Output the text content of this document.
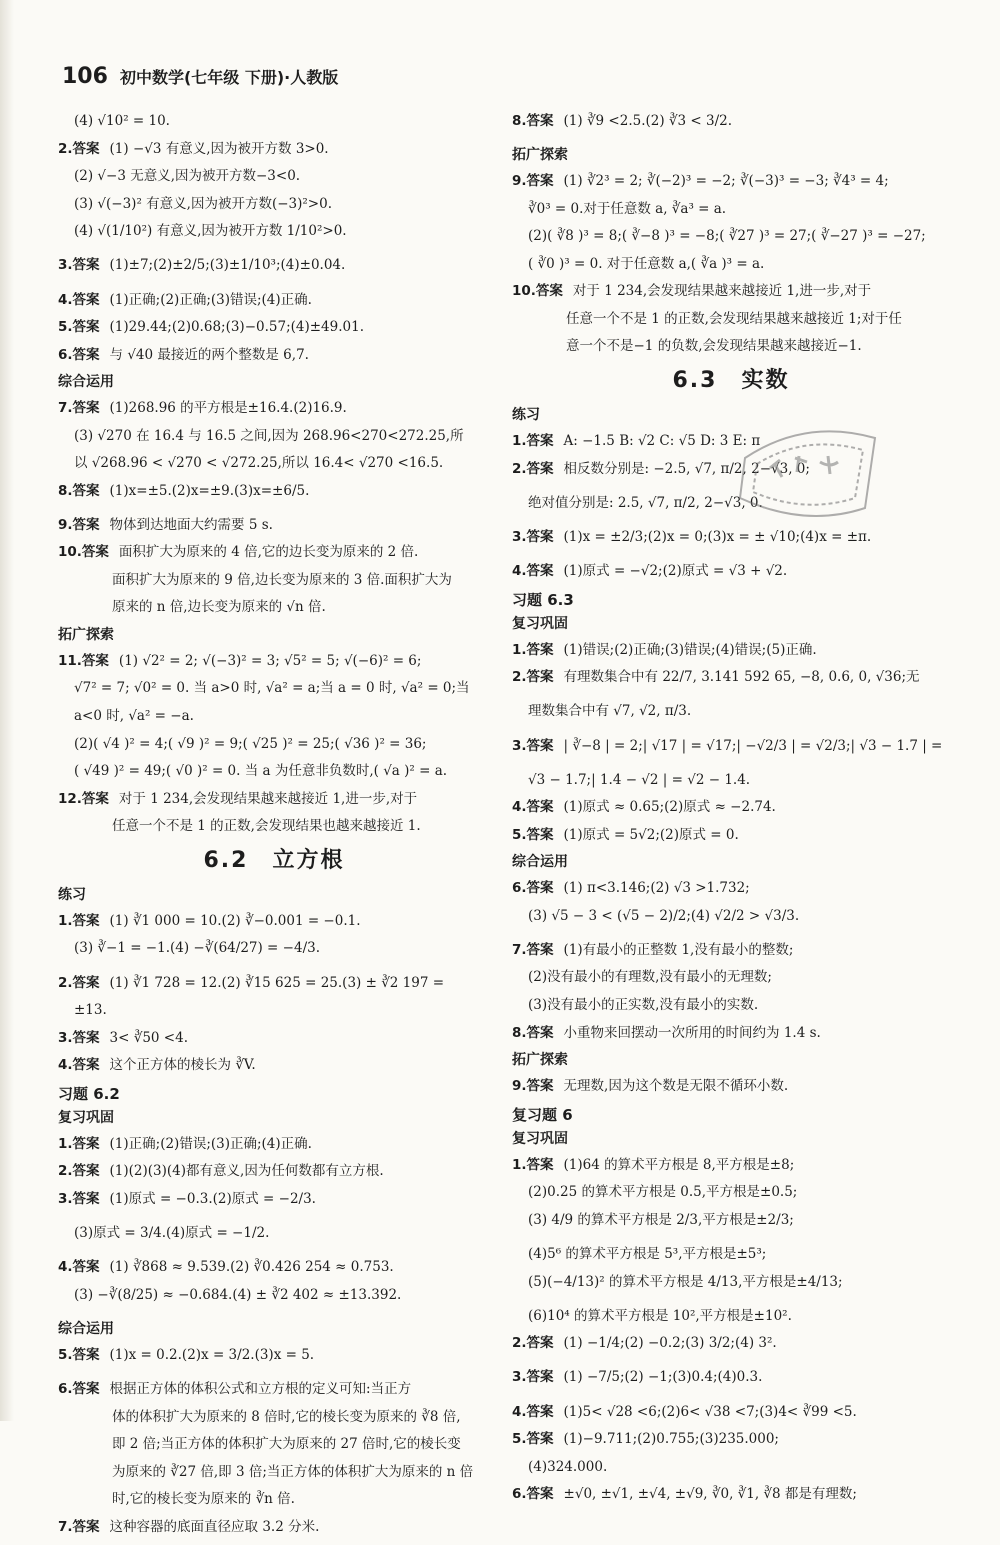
106 初中数学(七年级 下册)·人教版
(4) √10² = 10.
2.答案 (1) −√3 有意义,因为被开方数 3>0.
(2) √−3 无意义,因为被开方数−3<0.
(3) √(−3)² 有意义,因为被开方数(−3)²>0.
(4) √(1/10²) 有意义,因为被开方数 1/10²>0.
3.答案 (1)±7;(2)±2/5;(3)±1/10³;(4)±0.04.
4.答案 (1)正确;(2)正确;(3)错误;(4)正确.
5.答案 (1)29.44;(2)0.68;(3)−0.57;(4)±49.01.
6.答案 与 √40 最接近的两个整数是 6,7.
综合运用
7.答案 (1)268.96 的平方根是±16.4.(2)16.9.
(3) √270 在 16.4 与 16.5 之间,因为 268.96<270<272.25,所
以 √268.96 < √270 < √272.25,所以 16.4< √270 <16.5.
8.答案 (1)x=±5.(2)x=±9.(3)x=±6/5.
9.答案 物体到达地面大约需要 5 s.
10.答案 面积扩大为原来的 4 倍,它的边长变为原来的 2 倍.
面积扩大为原来的 9 倍,边长变为原来的 3 倍.面积扩大为
原来的 n 倍,边长变为原来的 √n 倍.
拓广探索
11.答案 (1) √2² = 2; √(−3)² = 3; √5² = 5; √(−6)² = 6;
√7² = 7; √0² = 0. 当 a>0 时, √a² = a;当 a = 0 时, √a² = 0;当
a<0 时, √a² = −a.
(2)( √4 )² = 4;( √9 )² = 9;( √25 )² = 25;( √36 )² = 36;
( √49 )² = 49;( √0 )² = 0. 当 a 为任意非负数时,( √a )² = a.
12.答案 对于 1 234,会发现结果越来越接近 1,进一步,对于
任意一个不是 1 的正数,会发现结果也越来越接近 1.
6.2 立方根
练习
1.答案 (1) ∛1 000 = 10.(2) ∛−0.001 = −0.1.
(3) ∛−1 = −1.(4) −∛(64/27) = −4/3.
2.答案 (1) ∛1 728 = 12.(2) ∛15 625 = 25.(3) ± ∛2 197 =
±13.
3.答案 3< ∛50 <4.
4.答案 这个正方体的棱长为 ∛V.
习题 6.2
复习巩固
1.答案 (1)正确;(2)错误;(3)正确;(4)正确.
2.答案 (1)(2)(3)(4)都有意义,因为任何数都有立方根.
3.答案 (1)原式 = −0.3.(2)原式 = −2/3.
(3)原式 = 3/4.(4)原式 = −1/2.
4.答案 (1) ∛868 ≈ 9.539.(2) ∛0.426 254 ≈ 0.753.
(3) −∛(8/25) ≈ −0.684.(4) ± ∛2 402 ≈ ±13.392.
综合运用
5.答案 (1)x = 0.2.(2)x = 3/2.(3)x = 5.
6.答案 根据正方体的体积公式和立方根的定义可知:当正方
体的体积扩大为原来的 8 倍时,它的棱长变为原来的 ∛8 倍,
即 2 倍;当正方体的体积扩大为原来的 27 倍时,它的棱长变
为原来的 ∛27 倍,即 3 倍;当正方体的体积扩大为原来的 n 倍
时,它的棱长变为原来的 ∛n 倍.
7.答案 这种容器的底面直径应取 3.2 分米.
8.答案 (1) ∛9 <2.5.(2) ∛3 < 3/2.
拓广探索
9.答案 (1) ∛2³ = 2; ∛(−2)³ = −2; ∛(−3)³ = −3; ∛4³ = 4;
∛0³ = 0.对于任意数 a, ∛a³ = a.
(2)( ∛8 )³ = 8;( ∛−8 )³ = −8;( ∛27 )³ = 27;( ∛−27 )³ = −27;
( ∛0 )³ = 0. 对于任意数 a,( ∛a )³ = a.
10.答案 对于 1 234,会发现结果越来越接近 1,进一步,对于
任意一个不是 1 的正数,会发现结果越来越接近 1;对于任
意一个不是−1 的负数,会发现结果越来越接近−1.
6.3 实数
练习
1.答案 A: −1.5 B: √2 C: √5 D: 3 E: π
2.答案 相反数分别是: −2.5, √7, π/2, 2−√3, 0;
绝对值分别是: 2.5, √7, π/2, 2−√3, 0.
3.答案 (1)x = ±2/3;(2)x = 0;(3)x = ± √10;(4)x = ±π.
4.答案 (1)原式 = −√2;(2)原式 = √3 + √2.
习题 6.3
复习巩固
1.答案 (1)错误;(2)正确;(3)错误;(4)错误;(5)正确.
2.答案 有理数集合中有 22/7, 3.141 592 65, −8, 0.6, 0, √36;无
理数集合中有 √7, √2, π/3.
3.答案 | ∛−8 | = 2;| √17 | = √17;| −√2/3 | = √2/3;| √3 − 1.7 | =
√3 − 1.7;| 1.4 − √2 | = √2 − 1.4.
4.答案 (1)原式 ≈ 0.65;(2)原式 ≈ −2.74.
5.答案 (1)原式 = 5√2;(2)原式 = 0.
综合运用
6.答案 (1) π<3.146;(2) √3 >1.732;
(3) √5 − 3 < (√5 − 2)/2;(4) √2/2 > √3/3.
7.答案 (1)有最小的正整数 1,没有最小的整数;
(2)没有最小的有理数,没有最小的无理数;
(3)没有最小的正实数,没有最小的实数.
8.答案 小重物来回摆动一次所用的时间约为 1.4 s.
拓广探索
9.答案 无理数,因为这个数是无限不循环小数.
复习题 6
复习巩固
1.答案 (1)64 的算术平方根是 8,平方根是±8;
(2)0.25 的算术平方根是 0.5,平方根是±0.5;
(3) 4/9 的算术平方根是 2/3,平方根是±2/3;
(4)5⁶ 的算术平方根是 5³,平方根是±5³;
(5)(−4/13)² 的算术平方根是 4/13,平方根是±4/13;
(6)10⁴ 的算术平方根是 10²,平方根是±10².
2.答案 (1) −1/4;(2) −0.2;(3) 3/2;(4) 3².
3.答案 (1) −7/5;(2) −1;(3)0.4;(4)0.3.
4.答案 (1)5< √28 <6;(2)6< √38 <7;(3)4< ∛99 <5.
5.答案 (1)−9.711;(2)0.755;(3)235.000;
(4)324.000.
6.答案 ±√0, ±√1, ±√4, ±√9, ∛0, ∛1, ∛8 都是有理数;
